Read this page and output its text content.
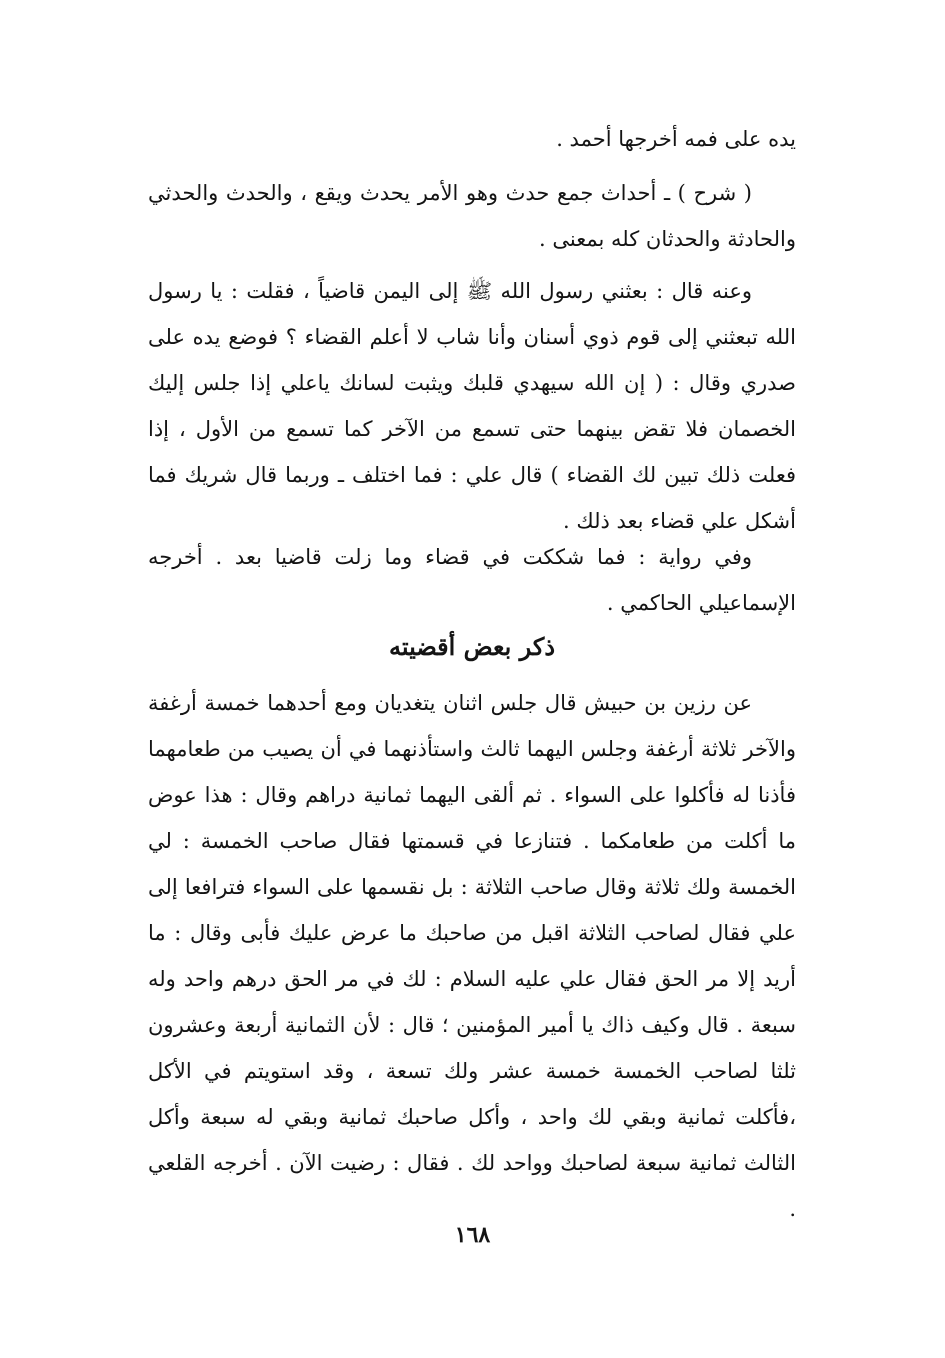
يده على فمه أخرجها أحمد .

( شرح ) ـ أحداث جمع حدث وهو الأمر يحدث ويقع ، والحدث والحدثي والحادثة والحدثان كله بمعنى .

وعنه قال : بعثني رسول الله ﷺ إلى اليمن قاضياً ، فقلت : يا رسول الله تبعثني إلى قوم ذوي أسنان وأنا شاب لا أعلم القضاء ؟ فوضع يده على صدري وقال : ( إن الله سيهدي قلبك ويثبت لسانك ياعلي إذا جلس إليك الخصمان فلا تقض بينهما حتى تسمع من الآخر كما تسمع من الأول ، إذا فعلت ذلك تبين لك القضاء ) قال علي : فما اختلف ـ وربما قال شريك فما أشكل علي قضاء بعد ذلك .

وفي رواية : فما شككت في قضاء وما زلت قاضيا بعد . أخرجه الإسماعيلي الحاكمي .

ذكر بعض أقضيته

عن رزين بن حبيش قال جلس اثنان يتغديان ومع أحدهما خمسة أرغفة والآخر ثلاثة أرغفة وجلس اليهما ثالث واستأذنهما في أن يصيب من طعامهما فأذنا له فأكلوا على السواء . ثم ألقى اليهما ثمانية دراهم وقال : هذا عوض ما أكلت من طعامكما . فتنازعا في قسمتها فقال صاحب الخمسة : لي الخمسة ولك ثلاثة وقال صاحب الثلاثة : بل نقسمها على السواء فترافعا إلى علي فقال لصاحب الثلاثة اقبل من صاحبك ما عرض عليك فأبى وقال : ما أريد إلا مر الحق فقال علي عليه السلام : لك في مر الحق درهم واحد وله سبعة . قال وكيف ذاك يا أمير المؤمنين ؛ قال : لأن الثمانية أربعة وعشرون ثلثا لصاحب الخمسة خمسة عشر ولك تسعة ، وقد استويتم في الأكل ،فأكلت ثمانية وبقي لك واحد ، وأكل صاحبك ثمانية وبقي له سبعة وأكل الثالث ثمانية سبعة لصاحبك وواحد لك . فقال : رضيت الآن . أخرجه القلعي .

١٦٨
